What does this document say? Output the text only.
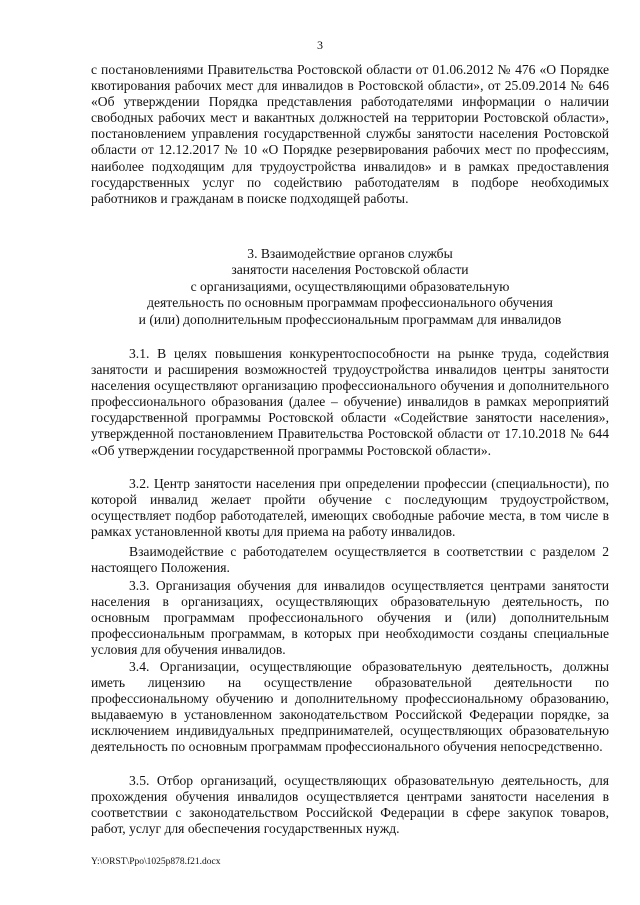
3

с постановлениями Правительства Ростовской области от 01.06.2012 № 476 «О Порядке квотирования рабочих мест для инвалидов в Ростовской области», от 25.09.2014 № 646 «Об утверждении Порядка представления работодателями информации о наличии свободных рабочих мест и вакантных должностей на территории Ростовской области», постановлением управления государственной службы занятости населения Ростовской области от 12.12.2017 № 10 «О Порядке резервирования рабочих мест по профессиям, наиболее подходящим для трудоустройства инвалидов» и в рамках предоставления государственных услуг по содействию работодателям в подборе необходимых работников и гражданам в поиске подходящей работы.

3. Взаимодействие органов службы
занятости населения Ростовской области
с организациями, осуществляющими образовательную
деятельность по основным программам профессионального обучения
и (или) дополнительным профессиональным программам для инвалидов

3.1. В целях повышения конкурентоспособности на рынке труда, содействия занятости и расширения возможностей трудоустройства инвалидов центры занятости населения осуществляют организацию профессионального обучения и дополнительного профессионального образования (далее – обучение) инвалидов в рамках мероприятий государственной программы Ростовской области «Содействие занятости населения», утвержденной постановлением Правительства Ростовской области от 17.10.2018 № 644 «Об утверждении государственной программы Ростовской области».

3.2. Центр занятости населения при определении профессии (специальности), по которой инвалид желает пройти обучение с последующим трудоустройством, осуществляет подбор работодателей, имеющих свободные рабочие места, в том числе в рамках установленной квоты для приема на работу инвалидов.

Взаимодействие с работодателем осуществляется в соответствии с разделом 2 настоящего Положения.

3.3. Организация обучения для инвалидов осуществляется центрами занятости населения в организациях, осуществляющих образовательную деятельность, по основным программам профессионального обучения и (или) дополнительным профессиональным программам, в которых при необходимости созданы специальные условия для обучения инвалидов.

3.4. Организации, осуществляющие образовательную деятельность, должны иметь лицензию на осуществление образовательной деятельности по профессиональному обучению и дополнительному профессиональному образованию, выдаваемую в установленном законодательством Российской Федерации порядке, за исключением индивидуальных предпринимателей, осуществляющих образовательную деятельность по основным программам профессионального обучения непосредственно.

3.5. Отбор организаций, осуществляющих образовательную деятельность, для прохождения обучения инвалидов осуществляется центрами занятости населения в соответствии с законодательством Российской Федерации в сфере закупок товаров, работ, услуг для обеспечения государственных нужд.

Y:\ORST\Ppo\1025p878.f21.docx
